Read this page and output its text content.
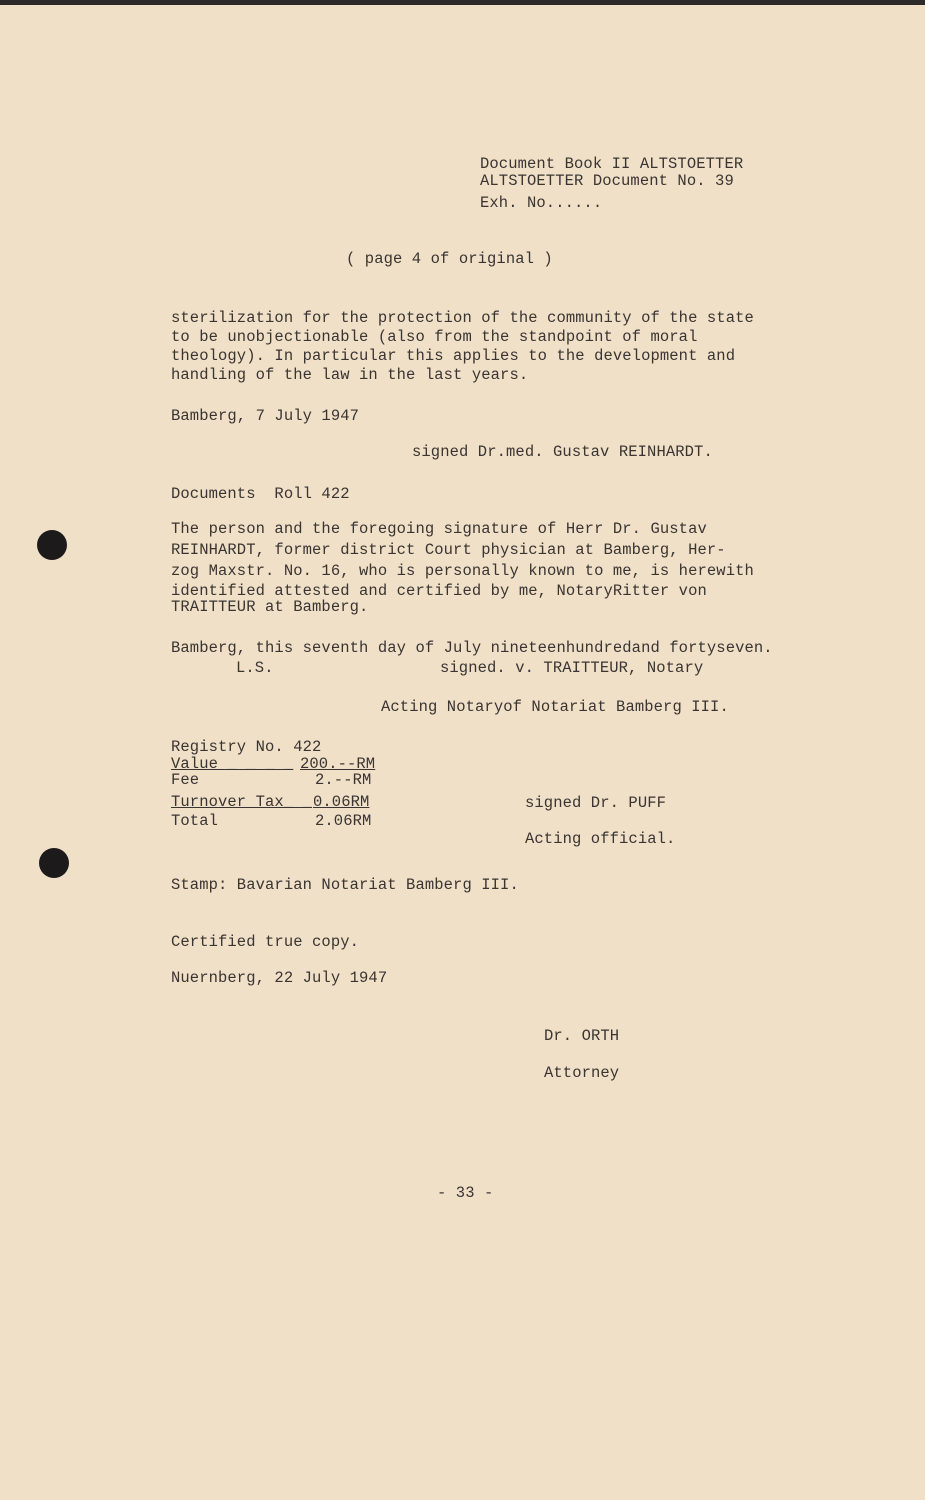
Document Book II ALTSTOETTER
ALTSTOETTER Document No. 39
Exh. No......
( page 4 of original )
sterilization for the protection of the community of the state
to be unobjectionable (also from the standpoint of moral
theology). In particular this applies to the development and
handling of the law in the last years.
Bamberg, 7 July 1947
signed Dr.med. Gustav REINHARDT.
Documents  Roll 422
The person and the foregoing signature of Herr Dr. Gustav
REINHARDT, former district Court physician at Bamberg, Her-
zog Maxstr. No. 16, who is personally known to me, is herewith
identified attested and certified by me, NotaryRitter von
TRAITTEUR at Bamberg.
Bamberg, this seventh day of July nineteenhundredand fortyseven.
L.S.	signed. v. TRAITTEUR, Notary
Acting Notaryof Notariat Bamberg III.
Registry No. 422
Value _ _ _ _ 200.--RM
Fee	2.--RM
Turnover Tax_ _ 0.06RM
Total	2.06RM
signed Dr. PUFF
Acting official.
Stamp: Bavarian Notariat Bamberg III.
Certified true copy.
Nuernberg, 22 July 1947
Dr. ORTH
Attorney
- 33 -
